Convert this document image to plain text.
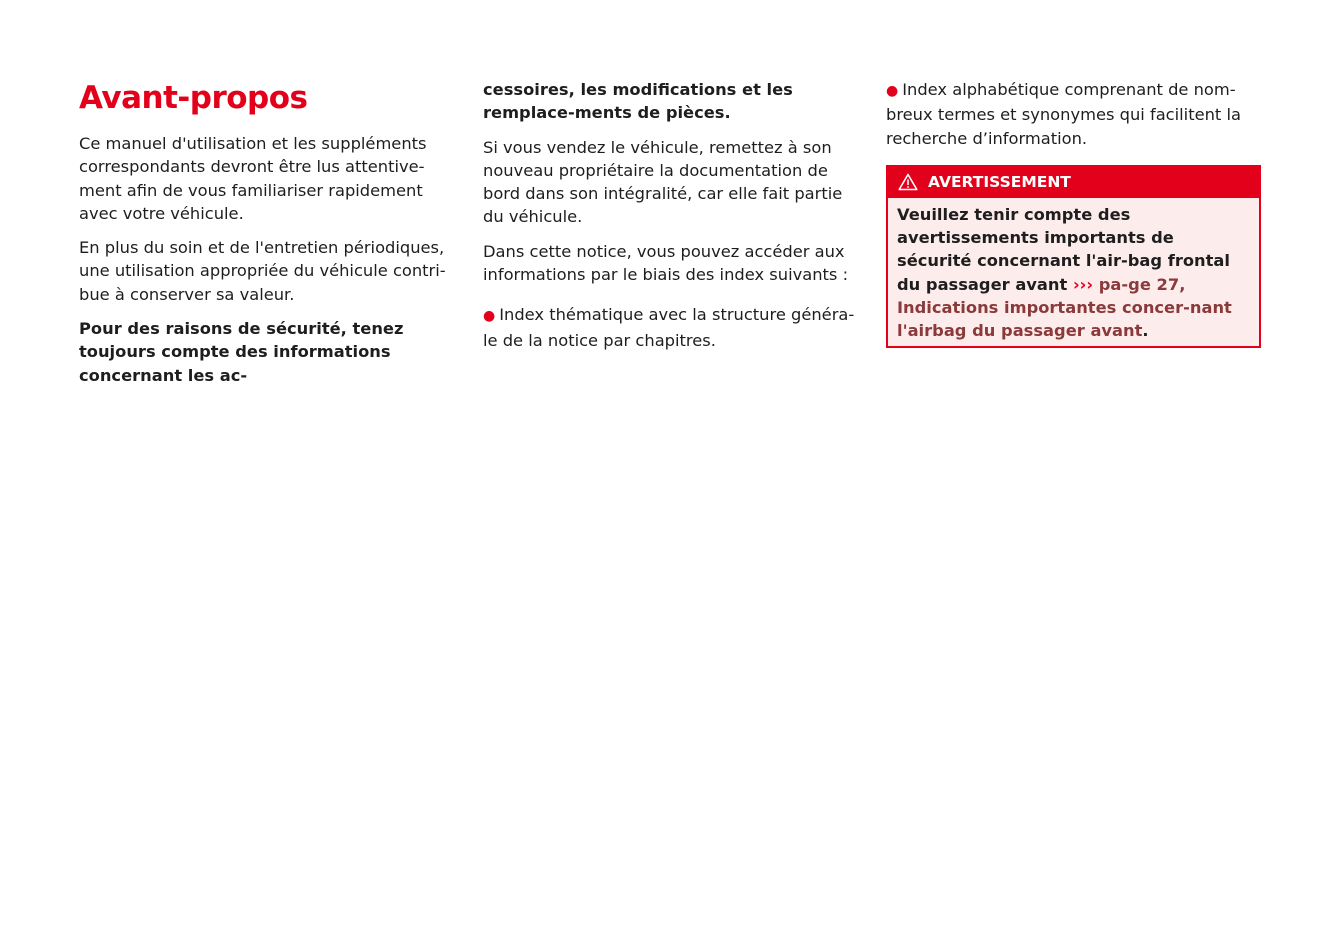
Avant-propos

Ce manuel d'utilisation et les suppléments correspondants devront être lus attentive-ment afin de vous familiariser rapidement avec votre véhicule.

En plus du soin et de l'entretien périodiques, une utilisation appropriée du véhicule contri-bue à conserver sa valeur.

Pour des raisons de sécurité, tenez toujours compte des informations concernant les ac-

cessoires, les modifications et les remplace-ments de pièces.

Si vous vendez le véhicule, remettez à son nouveau propriétaire la documentation de bord dans son intégralité, car elle fait partie du véhicule.

Dans cette notice, vous pouvez accéder aux informations par le biais des index suivants :

● Index thématique avec la structure généra-le de la notice par chapitres.

● Index alphabétique comprenant de nom-breux termes et synonymes qui facilitent la recherche d’information.

AVERTISSEMENT
Veuillez tenir compte des avertissements importants de sécurité concernant l'air-bag frontal du passager avant ››› pa-ge 27, Indications importantes concer-nant l'airbag du passager avant.
